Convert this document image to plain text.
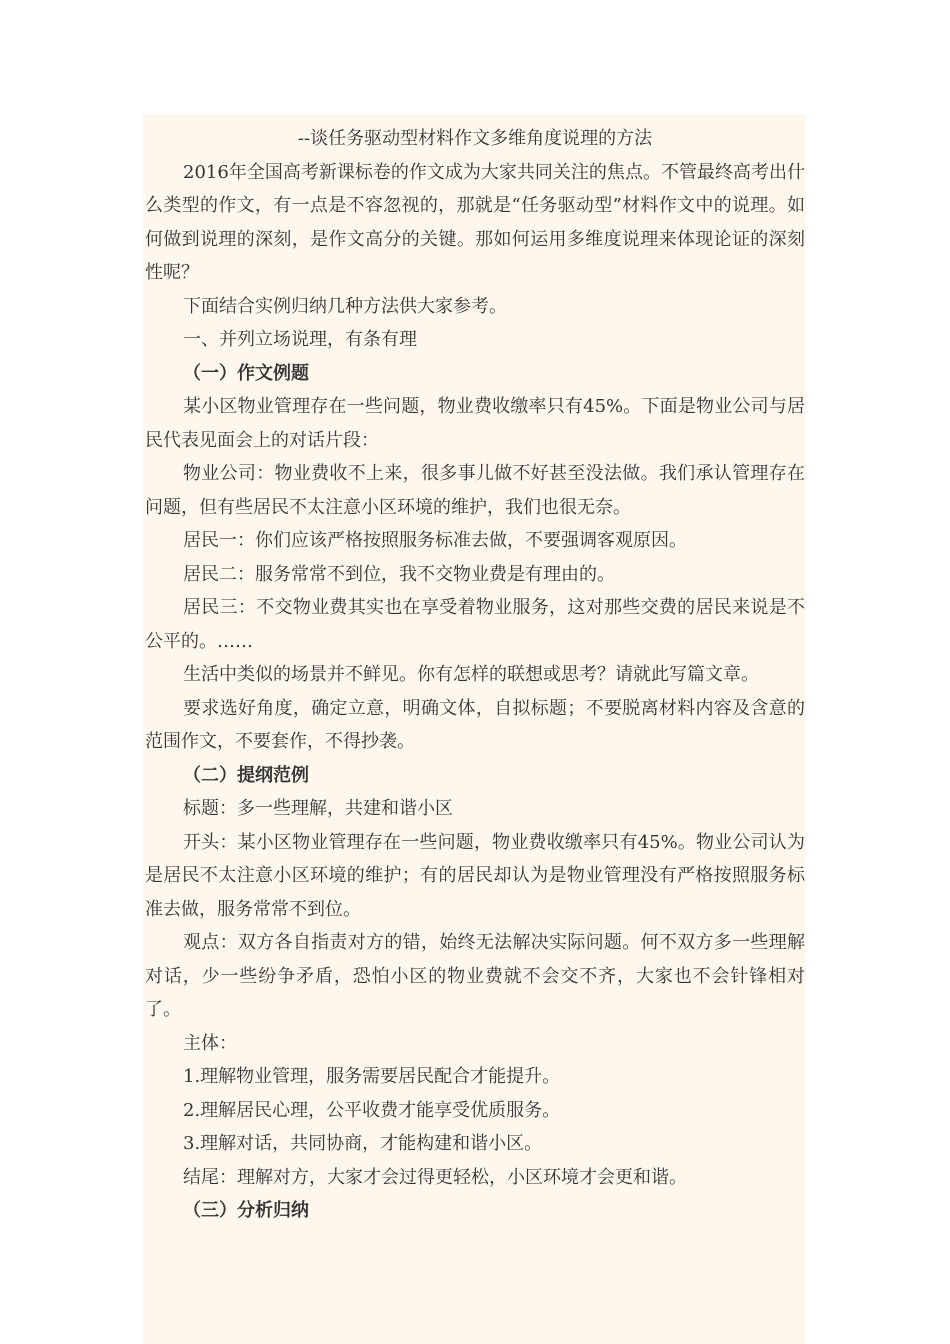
--谈任务驱动型材料作文多维角度说理的方法

2016年全国高考新课标卷的作文成为大家共同关注的焦点。不管最终高考出什么类型的作文，有一点是不容忽视的，那就是“任务驱动型”材料作文中的说理。如何做到说理的深刻，是作文高分的关键。那如何运用多维度说理来体现论证的深刻性呢？

下面结合实例归纳几种方法供大家参考。

一、并列立场说理，有条有理

（一）作文例题

某小区物业管理存在一些问题，物业费收缴率只有45%。下面是物业公司与居民代表见面会上的对话片段：

物业公司：物业费收不上来，很多事儿做不好甚至没法做。我们承认管理存在问题，但有些居民不太注意小区环境的维护，我们也很无奈。

居民一：你们应该严格按照服务标准去做，不要强调客观原因。

居民二：服务常常不到位，我不交物业费是有理由的。

居民三：不交物业费其实也在享受着物业服务，这对那些交费的居民来说是不公平的。……

生活中类似的场景并不鲜见。你有怎样的联想或思考？请就此写篇文章。

要求选好角度，确定立意，明确文体，自拟标题；不要脱离材料内容及含意的范围作文，不要套作，不得抄袭。

（二）提纲范例

标题：多一些理解，共建和谐小区

开头：某小区物业管理存在一些问题，物业费收缴率只有45%。物业公司认为是居民不太注意小区环境的维护；有的居民却认为是物业管理没有严格按照服务标准去做，服务常常不到位。

观点：双方各自指责对方的错，始终无法解决实际问题。何不双方多一些理解对话，少一些纷争矛盾，恐怕小区的物业费就不会交不齐，大家也不会针锋相对了。

主体：

1.理解物业管理，服务需要居民配合才能提升。

2.理解居民心理，公平收费才能享受优质服务。

3.理解对话，共同协商，才能构建和谐小区。

结尾：理解对方，大家才会过得更轻松，小区环境才会更和谐。

（三）分析归纳
